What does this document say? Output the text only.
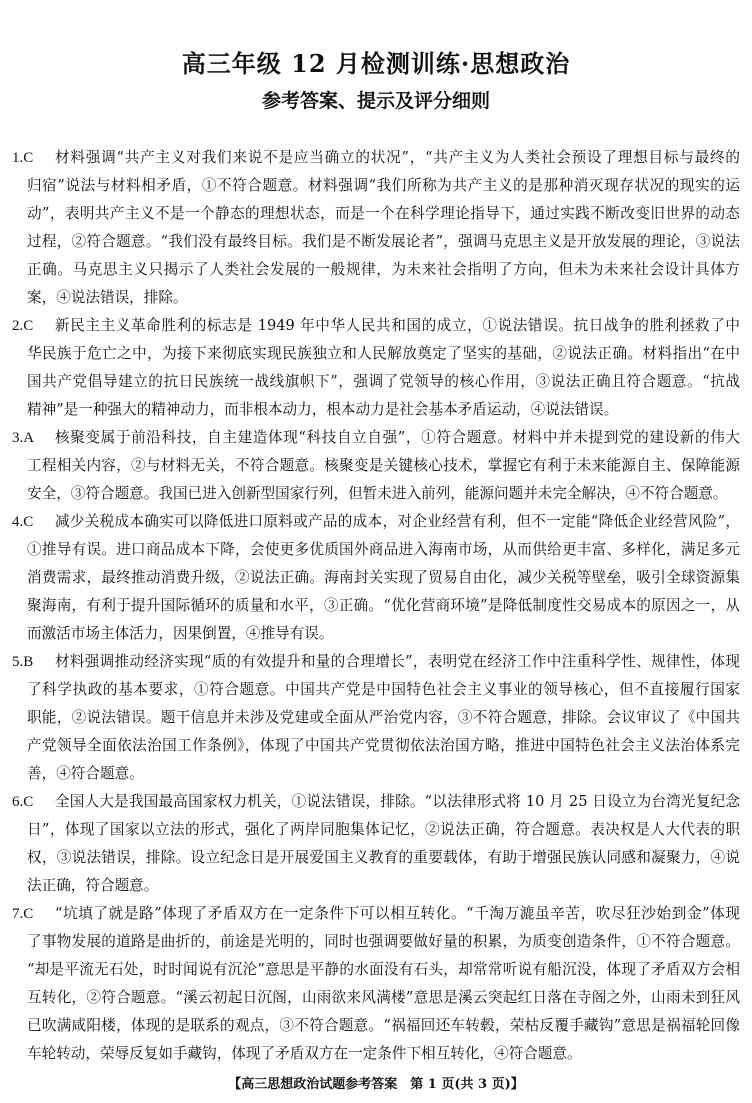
高三年级 12 月检测训练·思想政治
参考答案、提示及评分细则
1.C 材料强调“共产主义对我们来说不是应当确立的状况”，“共产主义为人类社会预设了理想目标与最终的
归宿”说法与材料相矛盾，①不符合题意。材料强调“我们所称为共产主义的是那种消灭现存状况的现实的运
动”，表明共产主义不是一个静态的理想状态，而是一个在科学理论指导下，通过实践不断改变旧世界的动态
过程，②符合题意。“我们没有最终目标。我们是不断发展论者”，强调马克思主义是开放发展的理论，③说法
正确。马克思主义只揭示了人类社会发展的一般规律，为未来社会指明了方向，但未为未来社会设计具体方
案，④说法错误，排除。
2.C 新民主主义革命胜利的标志是 1949 年中华人民共和国的成立，①说法错误。抗日战争的胜利拯救了中
华民族于危亡之中，为接下来彻底实现民族独立和人民解放奠定了坚实的基础，②说法正确。材料指出“在中
国共产党倡导建立的抗日民族统一战线旗帜下”，强调了党领导的核心作用，③说法正确且符合题意。“抗战
精神”是一种强大的精神动力，而非根本动力，根本动力是社会基本矛盾运动，④说法错误。
3.A 核聚变属于前沿科技，自主建造体现“科技自立自强”，①符合题意。材料中并未提到党的建设新的伟大
工程相关内容，②与材料无关，不符合题意。核聚变是关键核心技术，掌握它有利于未来能源自主、保障能源
安全，③符合题意。我国已进入创新型国家行列，但暂未进入前列，能源问题并未完全解决，④不符合题意。
4.C 减少关税成本确实可以降低进口原料或产品的成本，对企业经营有利，但不一定能“降低企业经营风险”，
①推导有误。进口商品成本下降，会使更多优质国外商品进入海南市场，从而供给更丰富、多样化，满足多元
消费需求，最终推动消费升级，②说法正确。海南封关实现了贸易自由化，减少关税等壁垒，吸引全球资源集
聚海南，有利于提升国际循环的质量和水平，③正确。“优化营商环境”是降低制度性交易成本的原因之一，从
而激活市场主体活力，因果倒置，④推导有误。
5.B 材料强调推动经济实现“质的有效提升和量的合理增长”，表明党在经济工作中注重科学性、规律性，体现
了科学执政的基本要求，①符合题意。中国共产党是中国特色社会主义事业的领导核心，但不直接履行国家
职能，②说法错误。题干信息并未涉及党建或全面从严治党内容，③不符合题意，排除。会议审议了《中国共
产党领导全面依法治国工作条例》，体现了中国共产党贯彻依法治国方略，推进中国特色社会主义法治体系完
善，④符合题意。
6.C 全国人大是我国最高国家权力机关，①说法错误，排除。“以法律形式将 10 月 25 日设立为台湾光复纪念
日”，体现了国家以立法的形式，强化了两岸同胞集体记忆，②说法正确，符合题意。表决权是人大代表的职
权，③说法错误，排除。设立纪念日是开展爱国主义教育的重要载体，有助于增强民族认同感和凝聚力，④说
法正确，符合题意。
7.C “坑填了就是路”体现了矛盾双方在一定条件下可以相互转化。“千淘万漉虽辛苦，吹尽狂沙始到金”体现
了事物发展的道路是曲折的，前途是光明的，同时也强调要做好量的积累，为质变创造条件，①不符合题意。
“却是平流无石处，时时闻说有沉沦”意思是平静的水面没有石头，却常常听说有船沉没，体现了矛盾双方会相
互转化，②符合题意。“溪云初起日沉阁，山雨欲来风满楼”意思是溪云突起红日落在寺阁之外，山雨未到狂风
已吹满咸阳楼，体现的是联系的观点，③不符合题意。“祸福回还车转毂，荣枯反覆手藏钩”意思是祸福轮回像
车轮转动，荣辱反复如手藏钩，体现了矛盾双方在一定条件下相互转化，④符合题意。
【高三思想政治试题参考答案　第 1 页(共 3 页)】
